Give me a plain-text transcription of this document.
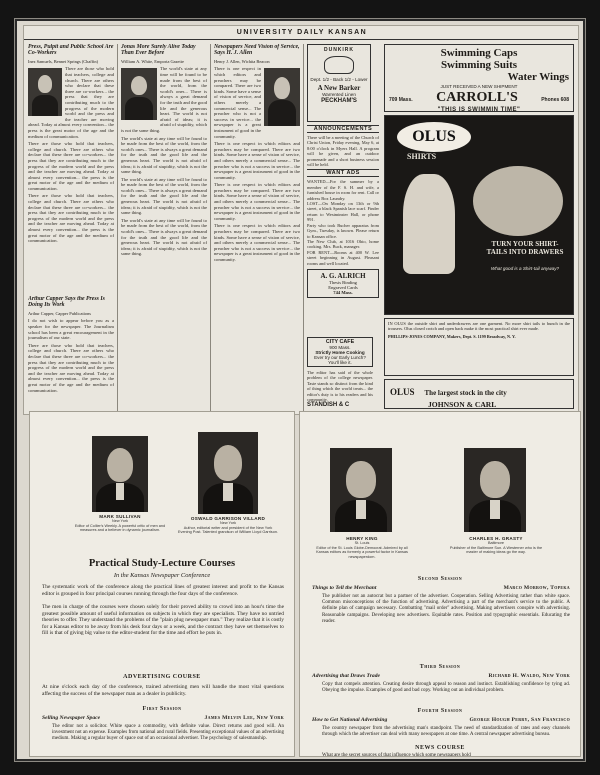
UNIVERSITY DAILY KANSAN
Press, Pulpit and Public School Are Co-Workers
Inez Samuels, Bennet Springs (Chaffin)

There are those who hold that teachers, college and church. There are others who declare that these three are co-workers... the press that they are contributing much to the progress of the modern world and the press and the teacher are moving ahead. Today at almost every convention... the press is the great motor of the age and the medium of communication.

There are those who hold that teachers, college and church. There are others who declare that these three are co-workers... the press that they are contributing much to the progress of the modern world and the press and the teacher are moving ahead. Today at almost every convention... the press is the great motor of the age and the medium of communication.

There are those who hold that teachers, college and church. There are others who declare that these three are co-workers... the press that they are contributing much to the progress of the modern world and the press and the teacher are moving ahead. Today at almost every convention... the press is the great motor of the age and the medium of communication.

Arthur Capper Says the Press Is Doing Its Work
Arthur Capper, Capper Publications

I do not wish to appear before you as a speaker for the newspaper. The Journalism school has been a great encouragement in the journalism of our state.

There are those who hold that teachers, college and church. There are others who declare that these three are co-workers... the press that they are contributing much to the progress of the modern world and the press and the teacher are moving ahead. Today at almost every convention... the press is the great motor of the age and the medium of communication.

Jonas More Surely Alive Today Than Ever Before
William A. White, Emporia Gazette

The world's state at any time will be found to be made from the best of the world, from the world's ones... There is always a great demand for the truth and the good life and the generous heart. The world is not afraid of ideas; it is afraid of stupidity, which is not the same thing.

The world's state at any time will be found to be made from the best of the world, from the world's ones... There is always a great demand for the truth and the good life and the generous heart. The world is not afraid of ideas; it is afraid of stupidity, which is not the same thing.

The world's state at any time will be found to be made from the best of the world, from the world's ones... There is always a great demand for the truth and the good life and the generous heart. The world is not afraid of ideas; it is afraid of stupidity, which is not the same thing.

The world's state at any time will be found to be made from the best of the world, from the world's ones... There is always a great demand for the truth and the good life and the generous heart. The world is not afraid of ideas; it is afraid of stupidity, which is not the same thing.

Newspapers Need Vision of Service, Says H. J. Allen
Henry J. Allen, Wichita Beacon

There is one respect in which editors and preachers may be compared. There are two kinds. Some have a sense of vision of service, and others merely a commercial sense... The preacher who is not a success in service... the newspaper is a great instrument of good in the community.

There is one respect in which editors and preachers may be compared. There are two kinds. Some have a sense of vision of service, and others merely a commercial sense... The preacher who is not a success in service... the newspaper is a great instrument of good in the community.

There is one respect in which editors and preachers may be compared. There are two kinds. Some have a sense of vision of service, and others merely a commercial sense... The preacher who is not a success in service... the newspaper is a great instrument of good in the community.

There is one respect in which editors and preachers may be compared. There are two kinds. Some have a sense of vision of service, and others merely a commercial sense... The preacher who is not a success in service... the newspaper is a great instrument of good in the community.

DUNKIRK
Dept. 1/2 - Back 1/2 - Lower
A New Barker
Warrented Linen
PECKHAM'S
ANNOUNCEMENTS
There will be a meeting of the Church of Christ Union, Friday evening, May 6, at 8:00 o'clock in Myers Hall. A program will be given, and an outdoor promenade and a short business session will be held.
WANT ADS
WANTED—For the summer by a member of the F. S. H. and wife, a furnished house in room for rent. Call or address Box Laundry.
LOST—On Monday on 13th or 9th street, a black Spanish lace scarf. Finder return to Westminster Hall, or phone 991.
Party who took Bucher apparatus from Gym., Tuesday, is known. Please return to Kansan office.
The New Club, at 1016 Ohio, home cooking. Mrs. Buck, manager.
FOR RENT—Rooms at 400 W. Lee street beginning in August. Pleasant rooms and well located.
A. G. ALRICH
Thesis Binding
Engraved Cards
744 Mass.
Swimming Caps
Swimming Suits
Water Wings
JUST RECEIVED A NEW SHIPMENT
709 Mass. CARROLL'S	Phones 608
"THIS IS SWIMMIN TIME"
OLUS
SHIRTS
TURN YOUR SHIRT-TAILS INTO DRAWERS
What good is a Shirt-tail anyway?
IN OLUS the outside shirt and underdrawers are one garment. No more shirt tails to bunch in the trousers. Olus closed crotch and open back make it the most practical shirt ever made.
PHILLIPS-JONES COMPANY, Makers, Dept. S. 1199 Broadway, N. Y.
OLUS The largest stock in the city
JOHNSON & CARL
CITY CAFE
900 Mass.
Strictly Home Cooking
Ever try our Early Lunch?
You'll like it.
The editor has said of the whole problem of the college newspaper. Taste stands so distinct from the kind of thing which the world treats... the editor's duty is to his readers and his community.
STANDISH & C
MARK SULLIVAN
New York
Editor of Collier's Weekly. A powerful critic of men and measures and a believer in dynamic journalism.
OSWALD GARRISON VILLARD
New York
Author, editorial writer and president of the New York Evening Post. Talented grandson of William Lloyd Garrison.
Practical Study-Lecture Courses
In the Kansas Newspaper Conference
The systematic work of the conference along the practical lines of greatest interest and profit to the Kansas editor is grouped in four principal courses running through the four days of the conference.
The men in charge of the courses were chosen solely for their proved ability to crowd into an hour's time the greatest possible amount of useful information on subjects in which they are specialists. They have no untried theories to offer. They understand the problems of the "plain plug newspaper man." They realize that it is costly for a Kansas editor to be away from his desk four days or a week, and the contract they have set themselves to fill is that of giving big value to the editor-student for the time and effort he puts in.
ADVERTISING COURSE
At nine o'clock each day of the conference, trained advertising men will handle the most vital questions affecting the success of the newspaper man as a dealer in publicity.
First Session
Selling Newspaper Space	James Melvin Lee, New York
The editor not a solicitor. White space a commodity, with definite value. Direct returns and good will. An investment not an expense. Examples from national and rural fields. Presenting exceptional values of an advertising medium. Making a regular buyer of space out of an occasional advertiser. The psychology of salesmanship.
HENRY KING
St. Louis
Editor of the St. Louis Globe-Democrat. Admired by all Kansas editors as formerly a powerful factor in Kansas newspaperdom.
CHARLES H. GRASTY
Baltimore
Publisher of the Baltimore Sun. A Westerner who is the master of making ideas go the way.
Second Session
Things to Tell the Merchant	Marco Morrow, Topeka
The publisher not an autocrat but a partner of the advertiser. Cooperation. Selling Advertising rather than white space. Common misconceptions of the function of advertising. Advertising a part of the merchant's service to the public. A definite plan of campaign necessary. Combatting "mail order" advertising. Making advertisers conspire with advertising. Reasonable campaigns. Developing new advertisers. Equitable rates. Position and typographic essentials. Educating the reader.
Third Session
Advertising that Draws Trade	Richard H. Waldo, New York
Copy that compels attention. Creating desire through appeal to reason and instinct. Establishing confidence by tying ad. Obeying the impulse. Examples of good and bad copy. Working out an individual problem.
Fourth Session
How to Get National Advertising	George Hough Perry, San Francisco
The country newspaper from the advertising man's standpoint. The need of standardization of rates and easy channels through which the advertiser can deal with many newspapers at one time. A central newspaper advertising bureau.
NEWS COURSE
What are the secret sources of that influence which some newspapers hold
